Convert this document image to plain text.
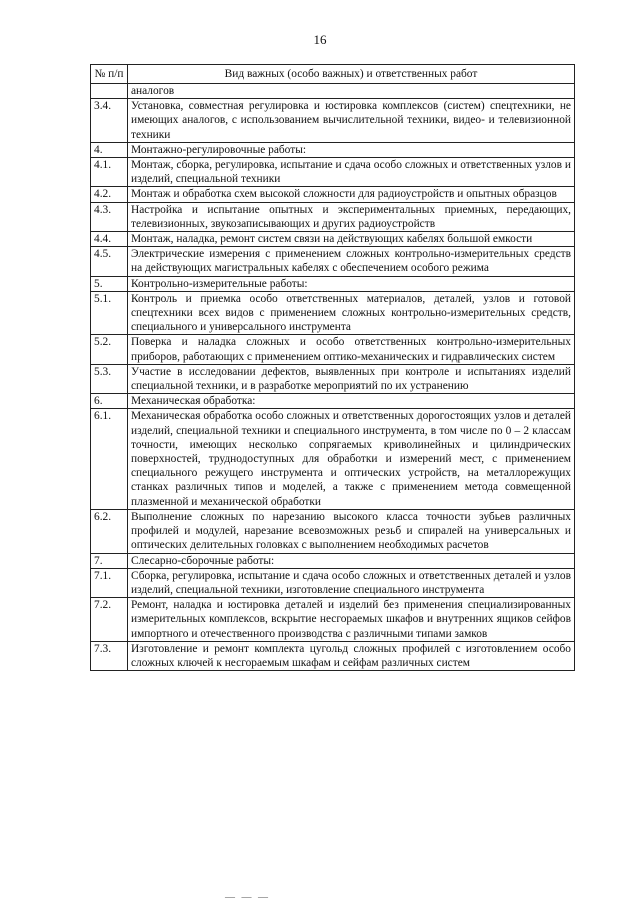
16
№ п/п	Вид важных (особо важных) и ответственных работ
	аналогов
3.4.	Установка, совместная регулировка и юстировка комплексов (систем) спецтехники, не имеющих аналогов, с использованием вычислительной техники, видео- и телевизионной техники
4.	Монтажно-регулировочные работы:
4.1.	Монтаж, сборка, регулировка, испытание и сдача особо сложных и ответственных узлов и изделий, специальной техники
4.2.	Монтаж и обработка схем высокой сложности для радиоустройств и опытных образцов
4.3.	Настройка и испытание опытных и экспериментальных приемных, передающих, телевизионных, звукозаписывающих и других радиоустройств
4.4.	Монтаж, наладка, ремонт систем связи на действующих кабелях большой емкости
4.5.	Электрические измерения с применением сложных контрольно-измерительных средств на действующих магистральных кабелях с обеспечением особого режима
5.	Контрольно-измерительные работы:
5.1.	Контроль и приемка особо ответственных материалов, деталей, узлов и готовой спецтехники всех видов с применением сложных контрольно-измерительных средств, специального и универсального инструмента
5.2.	Поверка и наладка сложных и особо ответственных контрольно-измерительных приборов, работающих с применением оптико-механических и гидравлических систем
5.3.	Участие в исследовании дефектов, выявленных при контроле и испытаниях изделий специальной техники, и в разработке мероприятий по их устранению
6.	Механическая обработка:
6.1.	Механическая обработка особо сложных и ответственных дорогостоящих узлов и деталей изделий, специальной техники и специального инструмента, в том числе по 0 – 2 классам точности, имеющих несколько сопрягаемых криволинейных и цилиндрических поверхностей, труднодоступных для обработки и измерений мест, с применением специального режущего инструмента и оптических устройств, на металлорежущих станках различных типов и моделей, а также с применением метода совмещенной плазменной и механической обработки
6.2.	Выполнение сложных по нарезанию высокого класса точности зубьев различных профилей и модулей, нарезание всевозможных резьб и спиралей на универсальных и оптических делительных головках с выполнением необходимых расчетов
7.	Слесарно-сборочные работы:
7.1.	Сборка, регулировка, испытание и сдача особо сложных и ответственных деталей и узлов изделий, специальной техники, изготовление специального инструмента
7.2.	Ремонт, наладка и юстировка деталей и изделий без применения специализированных измерительных комплексов, вскрытие несгораемых шкафов и внутренних ящиков сейфов импортного и отечественного производства с различными типами замков
7.3.	Изготовление и ремонт комплекта цугольд сложных профилей с изготовлением особо сложных ключей к несгораемым шкафам и сейфам различных систем
— — —
